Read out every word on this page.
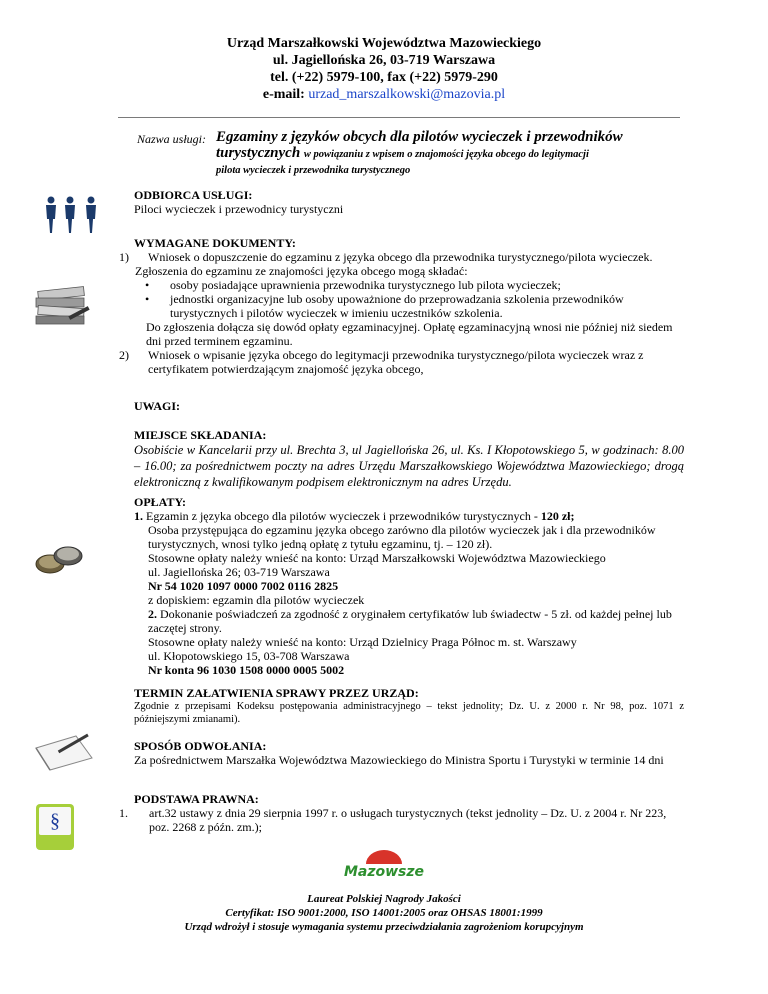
Urząd Marszałkowski Województwa Mazowieckiego
ul. Jagiellońska 26, 03-719 Warszawa
tel. (+22) 5979-100, fax (+22) 5979-290
e-mail: urzad_marszalkowski@mazovia.pl
Nazwa usługi: Egzaminy z języków obcych dla pilotów wycieczek i przewodników turystycznych w powiązaniu z wpisem o znajomości języka obcego do legitymacji
pilota wycieczek i przewodnika turystycznego
ODBIORCA USŁUGI:
Piloci wycieczek i przewodnicy turystyczni
WYMAGANE DOKUMENTY:
1) Wniosek o dopuszczenie do egzaminu z języka obcego dla przewodnika turystycznego/pilota wycieczek.
Zgłoszenia do egzaminu ze znajomości języka obcego mogą składać:
• osoby posiadające uprawnienia przewodnika turystycznego lub pilota wycieczek;
• jednostki organizacyjne lub osoby upoważnione do przeprowadzania szkolenia przewodników turystycznych i pilotów wycieczek w imieniu uczestników szkolenia.
Do zgłoszenia dołącza się dowód opłaty egzaminacyjnej. Opłatę egzaminacyjną wnosi nie później niż siedem dni przed terminem egzaminu.
2) Wniosek o wpisanie języka obcego do legitymacji przewodnika turystycznego/pilota wycieczek wraz z certyfikatem potwierdzającym znajomość języka obcego,
UWAGI:
MIEJSCE SKŁADANIA:
Osobiście w Kancelarii przy ul. Brechta 3, ul Jagiellońska 26, ul. Ks. I Kłopotowskiego 5, w godzinach: 8.00 – 16.00; za pośrednictwem poczty na adres Urzędu Marszałkowskiego Województwa Mazowieckiego; drogą elektroniczną z kwalifikowanym podpisem elektronicznym na adres Urzędu.
OPŁATY:
1. Egzamin z języka obcego dla pilotów wycieczek i przewodników turystycznych - 120 zł;
Osoba przystępująca do egzaminu języka obcego zarówno dla pilotów wycieczek jak i dla przewodników turystycznych, wnosi tylko jedną opłatę z tytułu egzaminu, tj. – 120 zł).
Stosowne opłaty należy wnieść na konto: Urząd Marszałkowski Województwa Mazowieckiego
ul. Jagiellońska 26; 03-719 Warszawa
Nr 54 1020 1097 0000 7002 0116 2825
z dopiskiem: egzamin dla pilotów wycieczek
2. Dokonanie poświadczeń za zgodność z oryginałem certyfikatów lub świadectw - 5 zł. od każdej pełnej lub zaczętej strony.
Stosowne opłaty należy wnieść na konto: Urząd Dzielnicy Praga Północ m. st. Warszawy
ul. Kłopotowskiego 15, 03-708 Warszawa
Nr konta 96 1030 1508 0000 0005 5002
TERMIN ZAŁATWIENIA SPRAWY PRZEZ URZĄD:
Zgodnie z przepisami Kodeksu postępowania administracyjnego – tekst jednolity; Dz. U. z 2000 r. Nr 98, poz. 1071 z późniejszymi zmianami).
SPOSÓB ODWOŁANIA:
Za pośrednictwem Marszałka Województwa Mazowieckiego do Ministra Sportu i Turystyki w terminie 14 dni
§
PODSTAWA PRAWNA:
1. art.32 ustawy z dnia 29 sierpnia 1997 r. o usługach turystycznych (tekst jednolity – Dz. U. z 2004 r. Nr 223, poz. 2268 z późn. zm.);
Mazowsze
Laureat Polskiej Nagrody Jakości
Certyfikat: ISO 9001:2000, ISO 14001:2005 oraz OHSAS 18001:1999
Urząd wdrożył i stosuje wymagania systemu przeciwdziałania zagrożeniom korupcyjnym
